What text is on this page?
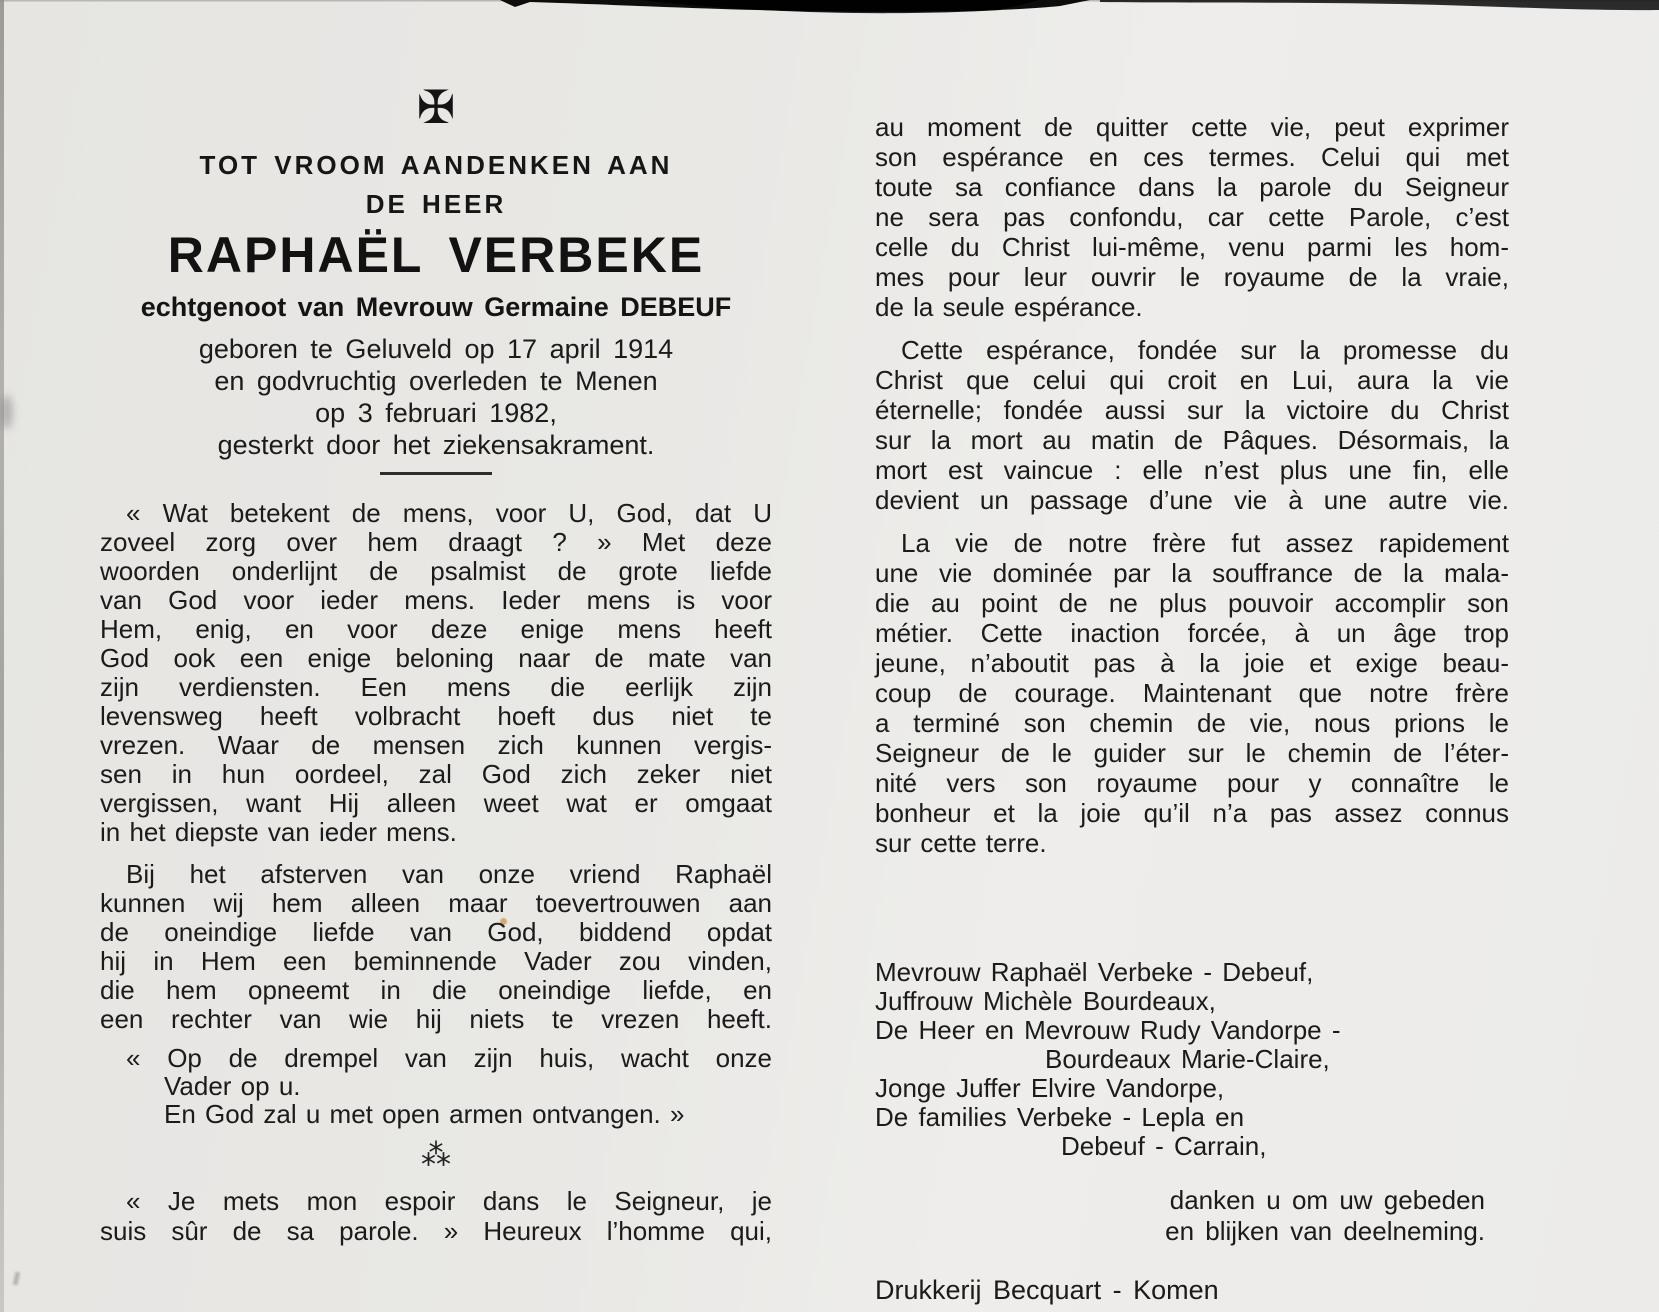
✠
TOT VROOM AANDENKEN AAN
DE HEER
RAPHAËL VERBEKE
echtgenoot van Mevrouw Germaine DEBEUF
geboren te Geluveld op 17 april 1914
en godvruchtig overleden te Menen
op 3 februari 1982,
gesterkt door het ziekensakrament.
« Wat betekent de mens, voor U, God, dat U
zoveel zorg over hem draagt ? » Met deze
woorden onderlijnt de psalmist de grote liefde
van God voor ieder mens. Ieder mens is voor
Hem, enig, en voor deze enige mens heeft
God ook een enige beloning naar de mate van
zijn verdiensten. Een mens die eerlijk zijn
levensweg heeft volbracht hoeft dus niet te
vrezen. Waar de mensen zich kunnen vergis-
sen in hun oordeel, zal God zich zeker niet
vergissen, want Hij alleen weet wat er omgaat
in het diepste van ieder mens.
Bij het afsterven van onze vriend Raphaël
kunnen wij hem alleen maar toevertrouwen aan
de oneindige liefde van God, biddend opdat
hij in Hem een beminnende Vader zou vinden,
die hem opneemt in die oneindige liefde, en
een rechter van wie hij niets te vrezen heeft.
« Op de drempel van zijn huis, wacht onze
Vader op u.
En God zal u met open armen ontvangen. »
⁂
« Je mets mon espoir dans le Seigneur, je
suis sûr de sa parole. » Heureux l’homme qui,
au moment de quitter cette vie, peut exprimer
son espérance en ces termes. Celui qui met
toute sa confiance dans la parole du Seigneur
ne sera pas confondu, car cette Parole, c’est
celle du Christ lui-même, venu parmi les hom-
mes pour leur ouvrir le royaume de la vraie,
de la seule espérance.
Cette espérance, fondée sur la promesse du
Christ que celui qui croit en Lui, aura la vie
éternelle; fondée aussi sur la victoire du Christ
sur la mort au matin de Pâques. Désormais, la
mort est vaincue : elle n’est plus une fin, elle
devient un passage d’une vie à une autre vie.
La vie de notre frère fut assez rapidement
une vie dominée par la souffrance de la mala-
die au point de ne plus pouvoir accomplir son
métier. Cette inaction forcée, à un âge trop
jeune, n’aboutit pas à la joie et exige beau-
coup de courage. Maintenant que notre frère
a terminé son chemin de vie, nous prions le
Seigneur de le guider sur le chemin de l’éter-
nité vers son royaume pour y connaître le
bonheur et la joie qu’il n’a pas assez connus
sur cette terre.
Mevrouw Raphaël Verbeke - Debeuf,
Juffrouw Michèle Bourdeaux,
De Heer en Mevrouw Rudy Vandorpe -
Bourdeaux Marie-Claire,
Jonge Juffer Elvire Vandorpe,
De families Verbeke - Lepla en
Debeuf - Carrain,
danken u om uw gebeden
en blijken van deelneming.
Drukkerij Becquart - Komen
